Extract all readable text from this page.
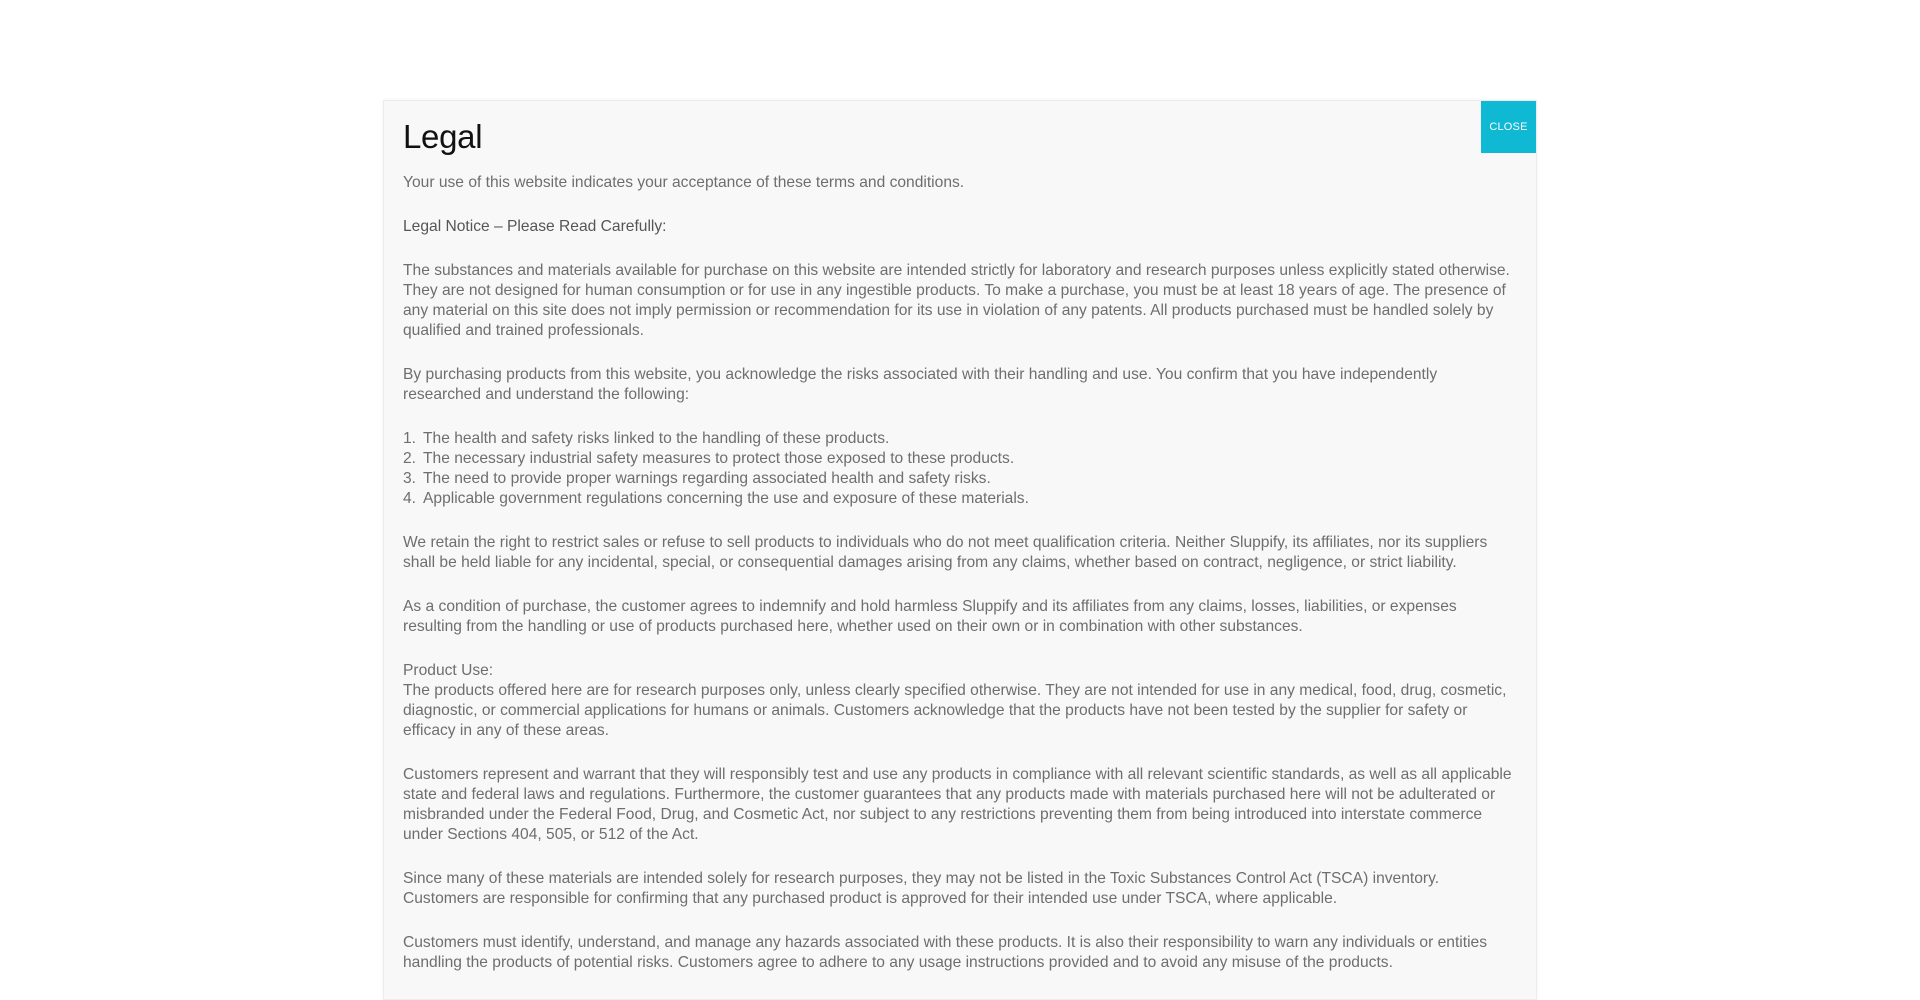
CLOSE
Legal

Your use of this website indicates your acceptance of these terms and conditions.

Legal Notice – Please Read Carefully:

The substances and materials available for purchase on this website are intended strictly for laboratory and research purposes unless explicitly stated otherwise. They are not designed for human consumption or for use in any ingestible products. To make a purchase, you must be at least 18 years of age. The presence of any material on this site does not imply permission or recommendation for its use in violation of any patents. All products purchased must be handled solely by qualified and trained professionals.

By purchasing products from this website, you acknowledge the risks associated with their handling and use. You confirm that you have independently researched and understand the following:

1. The health and safety risks linked to the handling of these products.
2. The necessary industrial safety measures to protect those exposed to these products.
3. The need to provide proper warnings regarding associated health and safety risks.
4. Applicable government regulations concerning the use and exposure of these materials.

We retain the right to restrict sales or refuse to sell products to individuals who do not meet qualification criteria. Neither Sluppify, its affiliates, nor its suppliers shall be held liable for any incidental, special, or consequential damages arising from any claims, whether based on contract, negligence, or strict liability.

As a condition of purchase, the customer agrees to indemnify and hold harmless Sluppify and its affiliates from any claims, losses, liabilities, or expenses resulting from the handling or use of products purchased here, whether used on their own or in combination with other substances.

Product Use:
The products offered here are for research purposes only, unless clearly specified otherwise. They are not intended for use in any medical, food, drug, cosmetic, diagnostic, or commercial applications for humans or animals. Customers acknowledge that the products have not been tested by the supplier for safety or efficacy in any of these areas.

Customers represent and warrant that they will responsibly test and use any products in compliance with all relevant scientific standards, as well as all applicable state and federal laws and regulations. Furthermore, the customer guarantees that any products made with materials purchased here will not be adulterated or misbranded under the Federal Food, Drug, and Cosmetic Act, nor subject to any restrictions preventing them from being introduced into interstate commerce under Sections 404, 505, or 512 of the Act.

Since many of these materials are intended solely for research purposes, they may not be listed in the Toxic Substances Control Act (TSCA) inventory. Customers are responsible for confirming that any purchased product is approved for their intended use under TSCA, where applicable.

Customers must identify, understand, and manage any hazards associated with these products. It is also their responsibility to warn any individuals or entities handling the products of potential risks. Customers agree to adhere to any usage instructions provided and to avoid any misuse of the products.
